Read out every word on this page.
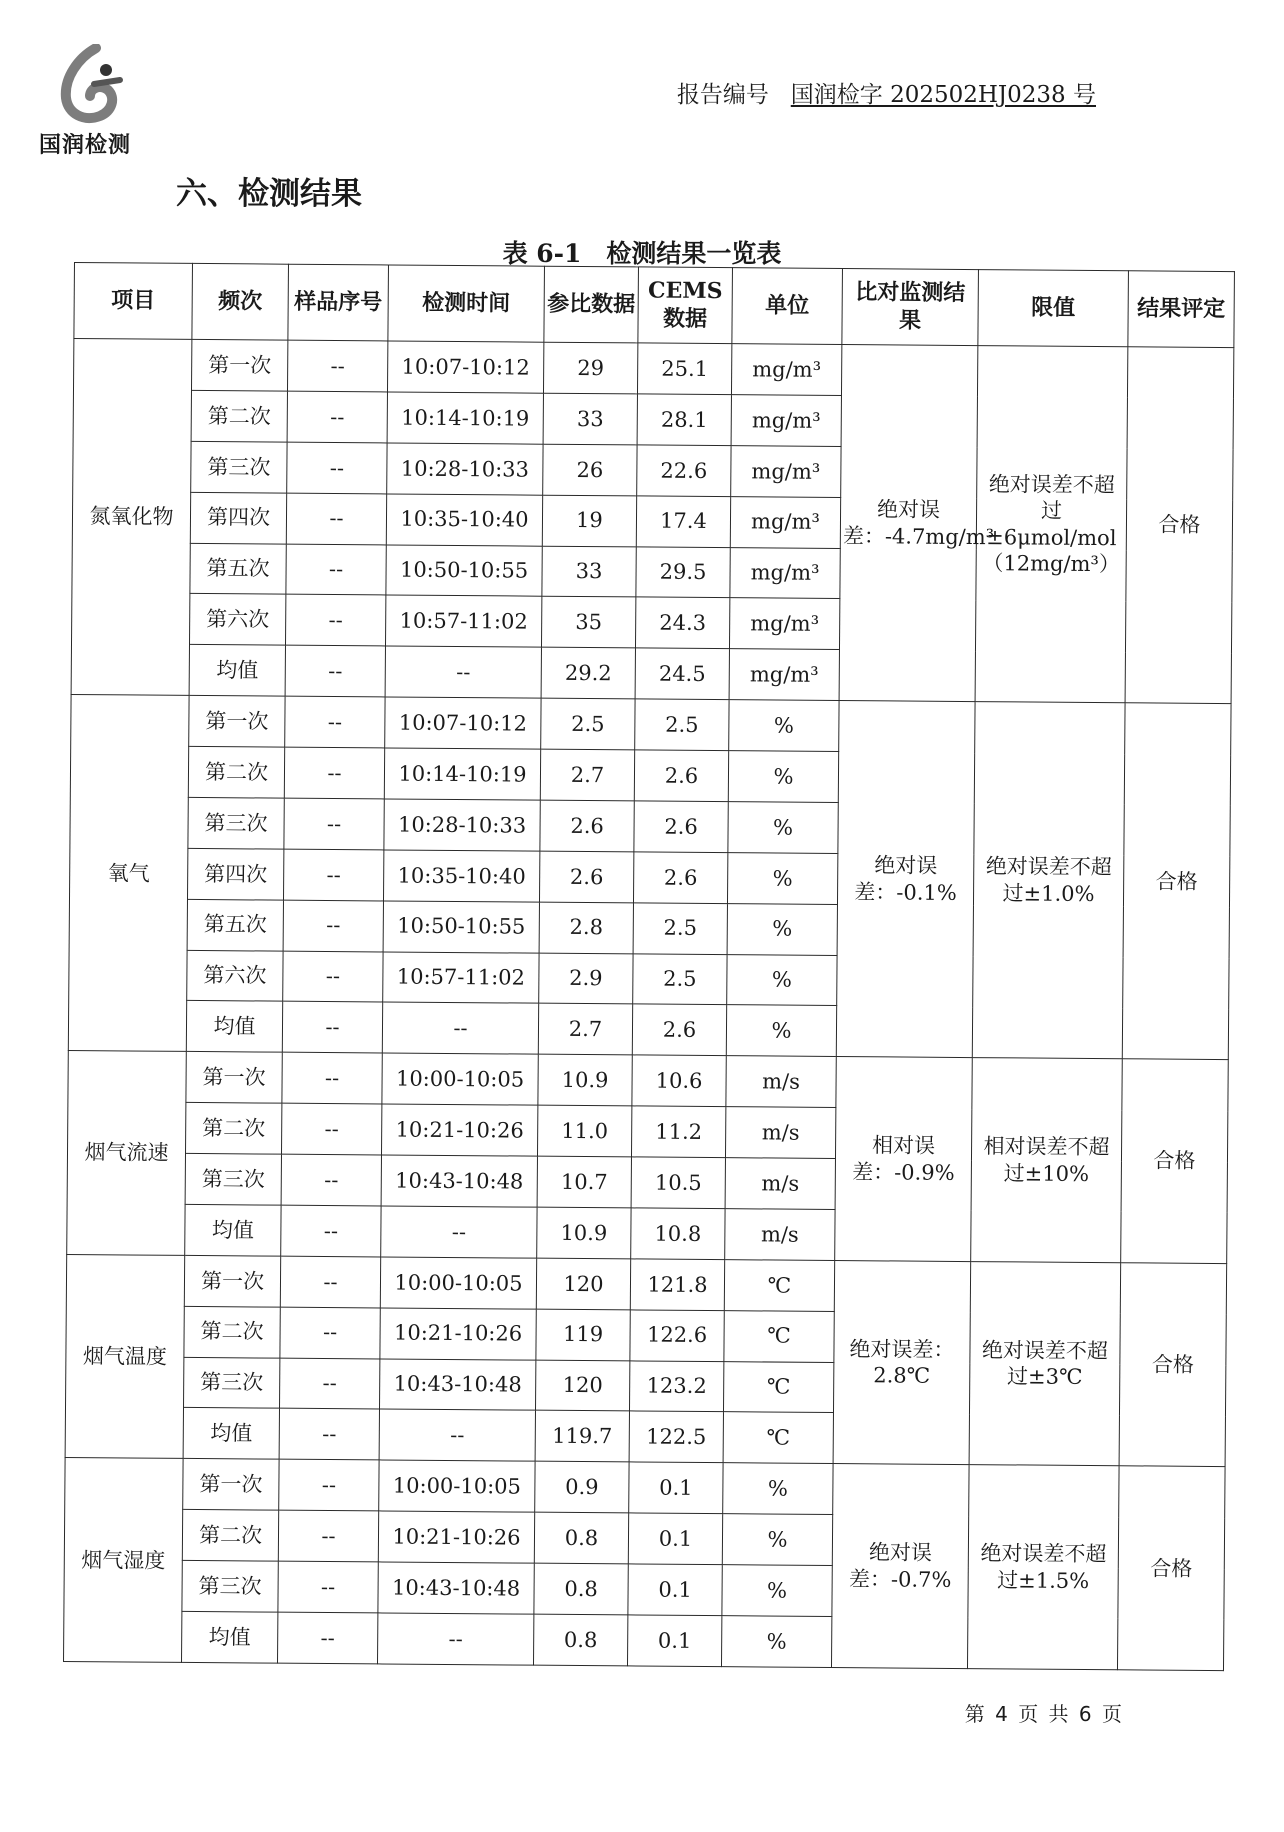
国润检测
报告编号 国润检字 202502HJ0238 号
六、检测结果
表 6-1　检测结果一览表
项目	频次	样品序号	检测时间	参比数据	CEMS数据	单位	比对监测结果	限值	结果评定
氮氧化物	第一次	--	10:07-10:12	29	25.1	mg/m³	绝对误差：-4.7mg/m³	绝对误差不超过±6μmol/mol（12mg/m³）	合格
	第二次	--	10:14-10:19	33	28.1	mg/m³			
	第三次	--	10:28-10:33	26	22.6	mg/m³			
	第四次	--	10:35-10:40	19	17.4	mg/m³			
	第五次	--	10:50-10:55	33	29.5	mg/m³			
	第六次	--	10:57-11:02	35	24.3	mg/m³			
	均值	--	--	29.2	24.5	mg/m³			
氧气	第一次	--	10:07-10:12	2.5	2.5	%	绝对误差：-0.1%	绝对误差不超过±1.0%	合格
	第二次	--	10:14-10:19	2.7	2.6	%			
	第三次	--	10:28-10:33	2.6	2.6	%			
	第四次	--	10:35-10:40	2.6	2.6	%			
	第五次	--	10:50-10:55	2.8	2.5	%			
	第六次	--	10:57-11:02	2.9	2.5	%			
	均值	--	--	2.7	2.6	%			
烟气流速	第一次	--	10:00-10:05	10.9	10.6	m/s	相对误差：-0.9%	相对误差不超过±10%	合格
	第二次	--	10:21-10:26	11.0	11.2	m/s			
	第三次	--	10:43-10:48	10.7	10.5	m/s			
	均值	--	--	10.9	10.8	m/s			
烟气温度	第一次	--	10:00-10:05	120	121.8	℃	绝对误差：2.8℃	绝对误差不超过±3℃	合格
	第二次	--	10:21-10:26	119	122.6	℃			
	第三次	--	10:43-10:48	120	123.2	℃			
	均值	--	--	119.7	122.5	℃			
烟气湿度	第一次	--	10:00-10:05	0.9	0.1	%	绝对误差：-0.7%	绝对误差不超过±1.5%	合格
	第二次	--	10:21-10:26	0.8	0.1	%			
	第三次	--	10:43-10:48	0.8	0.1	%			
	均值	--	--	0.8	0.1	%			
第 4 页 共 6 页
